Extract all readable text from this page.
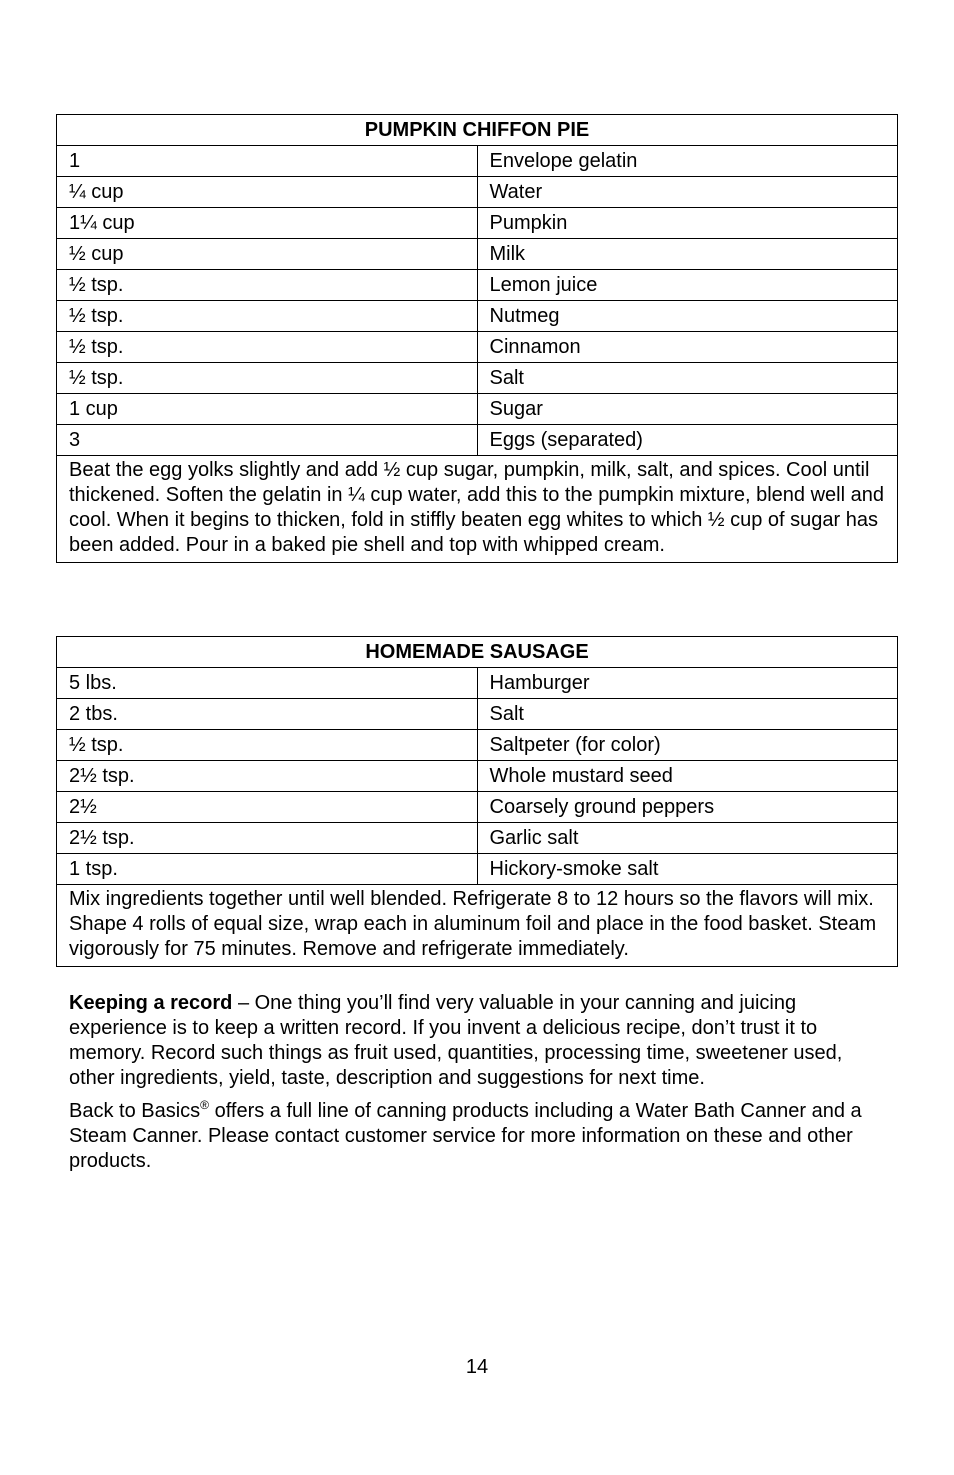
PUMPKIN CHIFFON PIE	
1	Envelope gelatin
¼ cup	Water
1¼ cup	Pumpkin
½ cup	Milk
½ tsp.	Lemon juice
½ tsp.	Nutmeg
½ tsp.	Cinnamon
½ tsp.	Salt
1 cup	Sugar
3	Eggs (separated)
Beat the egg yolks slightly and add ½ cup sugar, pumpkin, milk, salt, and spices. Cool until thickened. Soften the gelatin in ¼ cup water, add this to the pumpkin mixture, blend well and cool. When it begins to thicken, fold in stiffly beaten egg whites to which ½ cup of sugar has been added. Pour in a baked pie shell and top with whipped cream.	
HOMEMADE SAUSAGE	
5 lbs.	Hamburger
2 tbs.	Salt
½ tsp.	Saltpeter (for color)
2½ tsp.	Whole mustard seed
2½	Coarsely ground peppers
2½ tsp.	Garlic salt
1 tsp.	Hickory-smoke salt
Mix ingredients together until well blended. Refrigerate 8 to 12 hours so the flavors will mix. Shape 4 rolls of equal size, wrap each in aluminum foil and place in the food basket. Steam vigorously for 75 minutes. Remove and refrigerate immediately.	

Keeping a record – One thing you’ll find very valuable in your canning and juicing experience is to keep a written record. If you invent a delicious recipe, don’t trust it to memory. Record such things as fruit used, quantities, processing time, sweetener used, other ingredients, yield, taste, description and suggestions for next time.

Back to Basics® offers a full line of canning products including a Water Bath Canner and a Steam Canner. Please contact customer service for more information on these and other products.

14
